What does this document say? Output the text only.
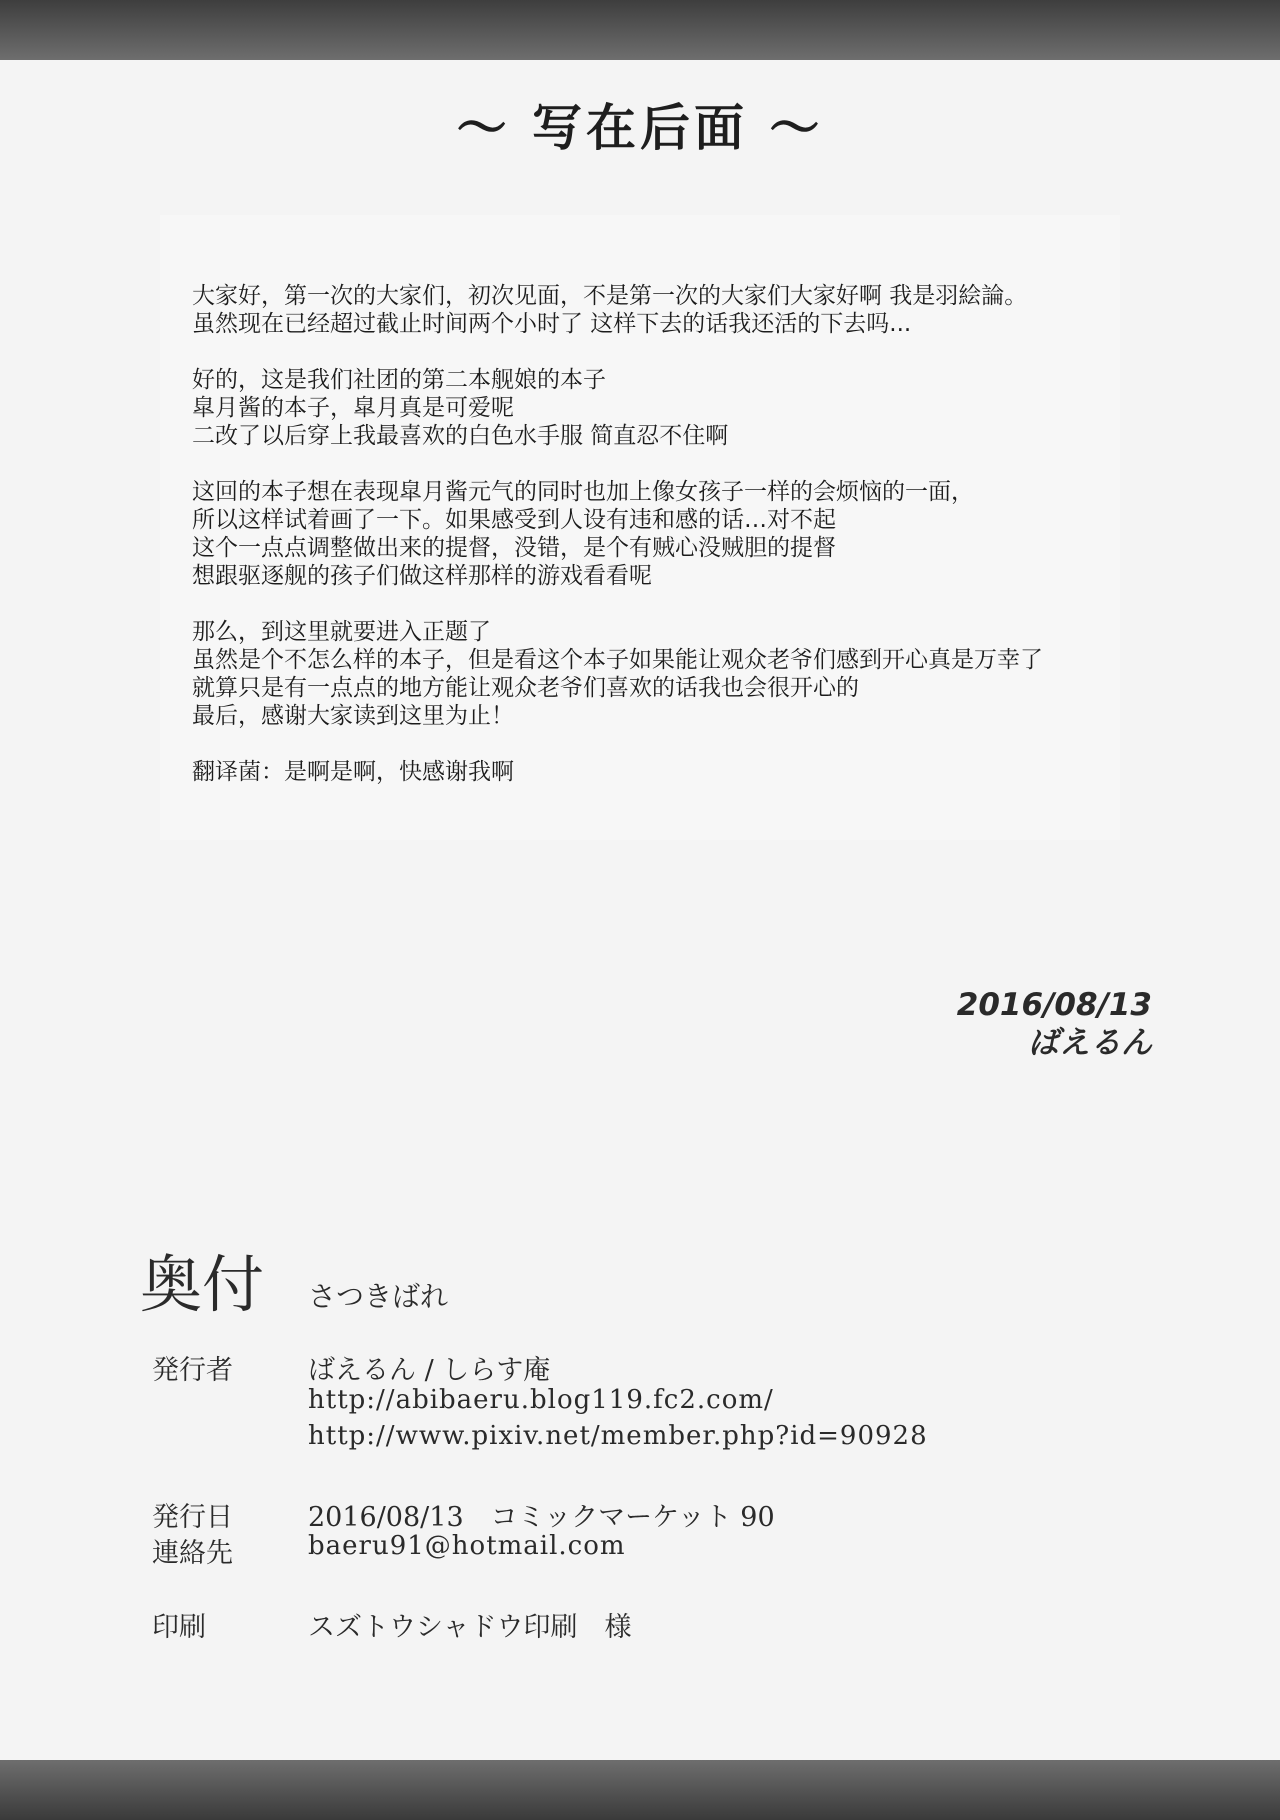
～ 写在后面 ～
大家好，第一次的大家们，初次见面，不是第一次的大家们大家好啊 我是羽絵論。
虽然现在已经超过截止时间两个小时了 这样下去的话我还活的下去吗...
好的，这是我们社团的第二本舰娘的本子
皐月酱的本子，皐月真是可爱呢
二改了以后穿上我最喜欢的白色水手服 简直忍不住啊
这回的本子想在表现皐月酱元气的同时也加上像女孩子一样的会烦恼的一面，
所以这样试着画了一下。如果感受到人设有违和感的话…对不起
这个一点点调整做出来的提督，没错，是个有贼心没贼胆的提督
想跟驱逐舰的孩子们做这样那样的游戏看看呢
那么，到这里就要进入正题了
虽然是个不怎么样的本子，但是看这个本子如果能让观众老爷们感到开心真是万幸了
就算只是有一点点的地方能让观众老爷们喜欢的话我也会很开心的
最后，感谢大家读到这里为止！
翻译菌：是啊是啊，快感谢我啊
2016/08/13
ばえるん
奥付 さつきばれ
発行者	ばえるん / しらす庵
http://abibaeru.blog119.fc2.com/
http://www.pixiv.net/member.php?id=90928
発行日	2016/08/13　コミックマーケット 90
連絡先	baeru91@hotmail.com
印刷	スズトウシャドウ印刷　様
